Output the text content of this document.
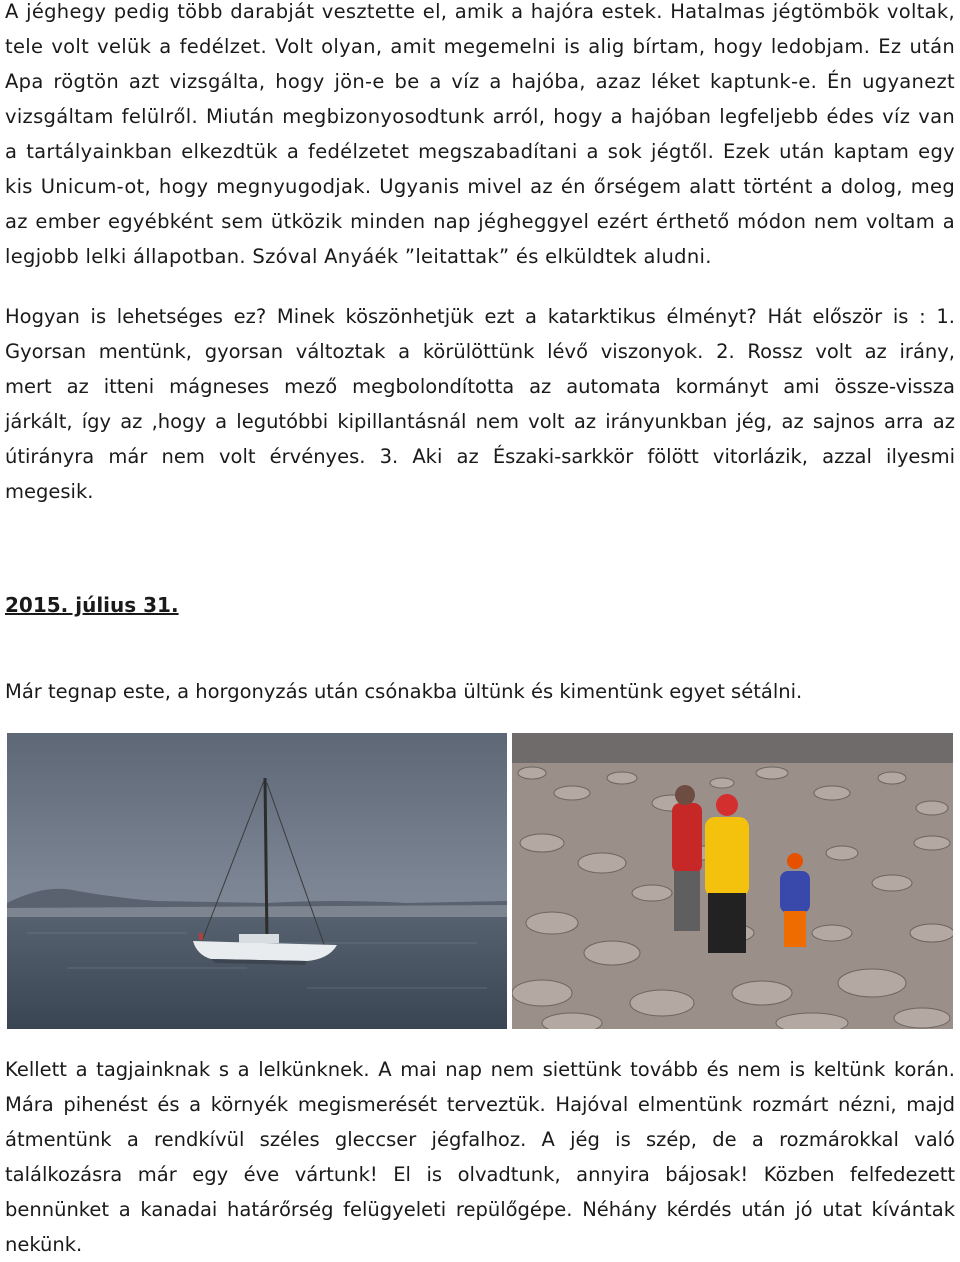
A jéghegy pedig több darabját vesztette el, amik a hajóra estek. Hatalmas jégtömbök voltak,
tele volt velük a fedélzet. Volt olyan, amit megemelni is alig bírtam, hogy ledobjam. Ez után
Apa rögtön azt vizsgálta, hogy jön-e be a víz a hajóba, azaz léket kaptunk-e. Én ugyanezt
vizsgáltam felülről. Miután megbizonyosodtunk arról, hogy a hajóban legfeljebb édes víz van
a tartályainkban elkezdtük a fedélzetet megszabadítani a sok jégtől. Ezek után kaptam egy
kis Unicum-ot, hogy megnyugodjak. Ugyanis mivel az én őrségem alatt történt a dolog, meg
az ember egyébként sem ütközik minden nap jégheggyel ezért érthető módon nem voltam a
legjobb lelki állapotban. Szóval Anyáék ”leitattak” és elküldtek aludni.
Hogyan is lehetséges ez? Minek köszönhetjük ezt a katarktikus élményt? Hát először is : 1.
Gyorsan mentünk, gyorsan változtak a körülöttünk lévő viszonyok. 2. Rossz volt az irány,
mert az itteni mágneses mező megbolondította az automata kormányt ami össze-vissza
járkált, így az ,hogy a legutóbbi kipillantásnál nem volt az irányunkban jég, az sajnos arra az
útirányra már nem volt érvényes. 3. Aki az Északi-sarkkör fölött vitorlázik, azzal ilyesmi
megesik.
2015. július 31.
Már tegnap este, a horgonyzás után csónakba ültünk és kimentünk egyet sétálni.
Kellett a tagjainknak s a lelkünknek. A mai nap nem siettünk tovább és nem is keltünk korán.
Mára pihenést és a környék megismerését terveztük. Hajóval elmentünk rozmárt nézni, majd
átmentünk a rendkívül széles gleccser jégfalhoz. A jég is szép, de a rozmárokkal való
találkozásra már egy éve vártunk! El is olvadtunk, annyira bájosak! Közben felfedezett
bennünket a kanadai határőrség felügyeleti repülőgépe. Néhány kérdés után jó utat kívántak
nekünk.
